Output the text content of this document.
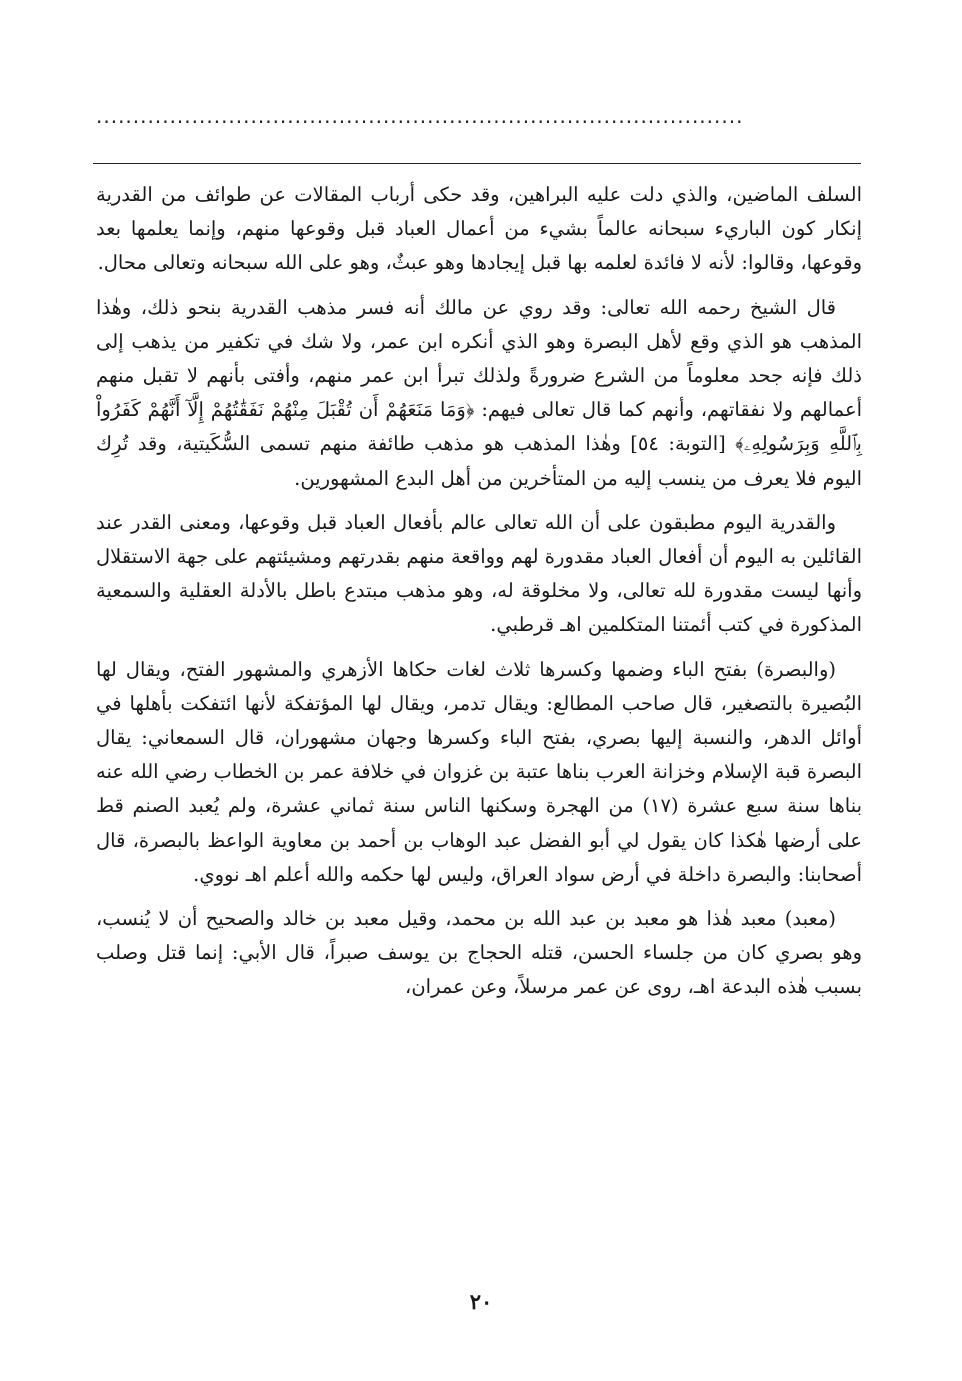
........................................................................................

السلف الماضين، والذي دلت عليه البراهين، وقد حكى أرباب المقالات عن طوائف من القدرية إنكار كون الباريء سبحانه عالماً بشيء من أعمال العباد قبل وقوعها منهم، وإنما يعلمها بعد وقوعها، وقالوا: لأنه لا فائدة لعلمه بها قبل إيجادها وهو عبثٌ، وهو على الله سبحانه وتعالى محال.

قال الشيخ رحمه الله تعالى: وقد روي عن مالك أنه فسر مذهب القدرية بنحو ذلك، وهٰذا المذهب هو الذي وقع لأهل البصرة وهو الذي أنكره ابن عمر، ولا شك في تكفير من يذهب إلى ذلك فإنه جحد معلوماً من الشرع ضرورةً ولذلك تبرأ ابن عمر منهم، وأفتى بأنهم لا تقبل منهم أعمالهم ولا نفقاتهم، وأنهم كما قال تعالى فيهم: ﴿وَمَا مَنَعَهُمْ أَن تُقْبَلَ مِنْهُمْ نَفَقَٰتُهُمْ إِلَّآ أَنَّهُمْ كَفَرُواْ بِٱللَّهِ وَبِرَسُولِهِۦ﴾ [التوبة: ٥٤] وهٰذا المذهب هو مذهب طائفة منهم تسمى السُّكَيتية، وقد تُرِك اليوم فلا يعرف من ينسب إليه من المتأخرين من أهل البدع المشهورين.

والقدرية اليوم مطبقون على أن الله تعالى عالم بأفعال العباد قبل وقوعها، ومعنى القدر عند القائلين به اليوم أن أفعال العباد مقدورة لهم وواقعة منهم بقدرتهم ومشيئتهم على جهة الاستقلال وأنها ليست مقدورة لله تعالى، ولا مخلوقة له، وهو مذهب مبتدع باطل بالأدلة العقلية والسمعية المذكورة في كتب أئمتنا المتكلمين اهـ قرطبي.

(والبصرة) بفتح الباء وضمها وكسرها ثلاث لغات حكاها الأزهري والمشهور الفتح، ويقال لها البُصيرة بالتصغير، قال صاحب المطالع: ويقال تدمر، ويقال لها المؤتفكة لأنها ائتفكت بأهلها في أوائل الدهر، والنسبة إليها بصري، بفتح الباء وكسرها وجهان مشهوران، قال السمعاني: يقال البصرة قبة الإسلام وخزانة العرب بناها عتبة بن غزوان في خلافة عمر بن الخطاب رضي الله عنه بناها سنة سبع عشرة (١٧) من الهجرة وسكنها الناس سنة ثماني عشرة، ولم يُعبد الصنم قط على أرضها هٰكذا كان يقول لي أبو الفضل عبد الوهاب بن أحمد بن معاوية الواعظ بالبصرة، قال أصحابنا: والبصرة داخلة في أرض سواد العراق، وليس لها حكمه والله أعلم اهـ نووي.

(معبد) معبد هٰذا هو معبد بن عبد الله بن محمد، وقيل معبد بن خالد والصحيح أن لا يُنسب، وهو بصري كان من جلساء الحسن، قتله الحجاج بن يوسف صبراً، قال الأبي: إنما قتل وصلب بسبب هٰذه البدعة اهـ، روى عن عمر مرسلاً، وعن عمران،

٢٠
